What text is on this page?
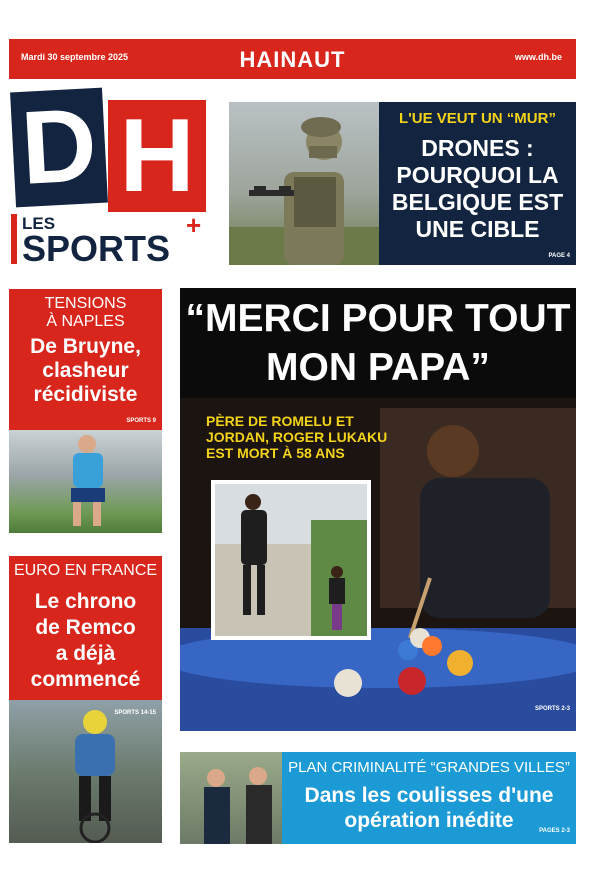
Mardi 30 septembre 2025	HAINAUT	www.dh.be
D H
LES
SPORTS
+
L'UE VEUT UN “MUR”
DRONES :
POURQUOI LA
BELGIQUE EST
UNE CIBLE
PAGE 4
TENSIONS
À NAPLES
De Bruyne,
clasheur
récidiviste
SPORTS 9
EURO EN FRANCE
Le chrono
de Remco
a déjà
commencé
SPORTS 14-15
“MERCI POUR TOUT
MON PAPA”
PÈRE DE ROMELU ET
JORDAN, ROGER LUKAKU
EST MORT À 58 ANS
SPORTS 2-3
PLAN CRIMINALITÉ “GRANDES VILLES”
Dans les coulisses d'une
opération inédite	PAGES 2-3
